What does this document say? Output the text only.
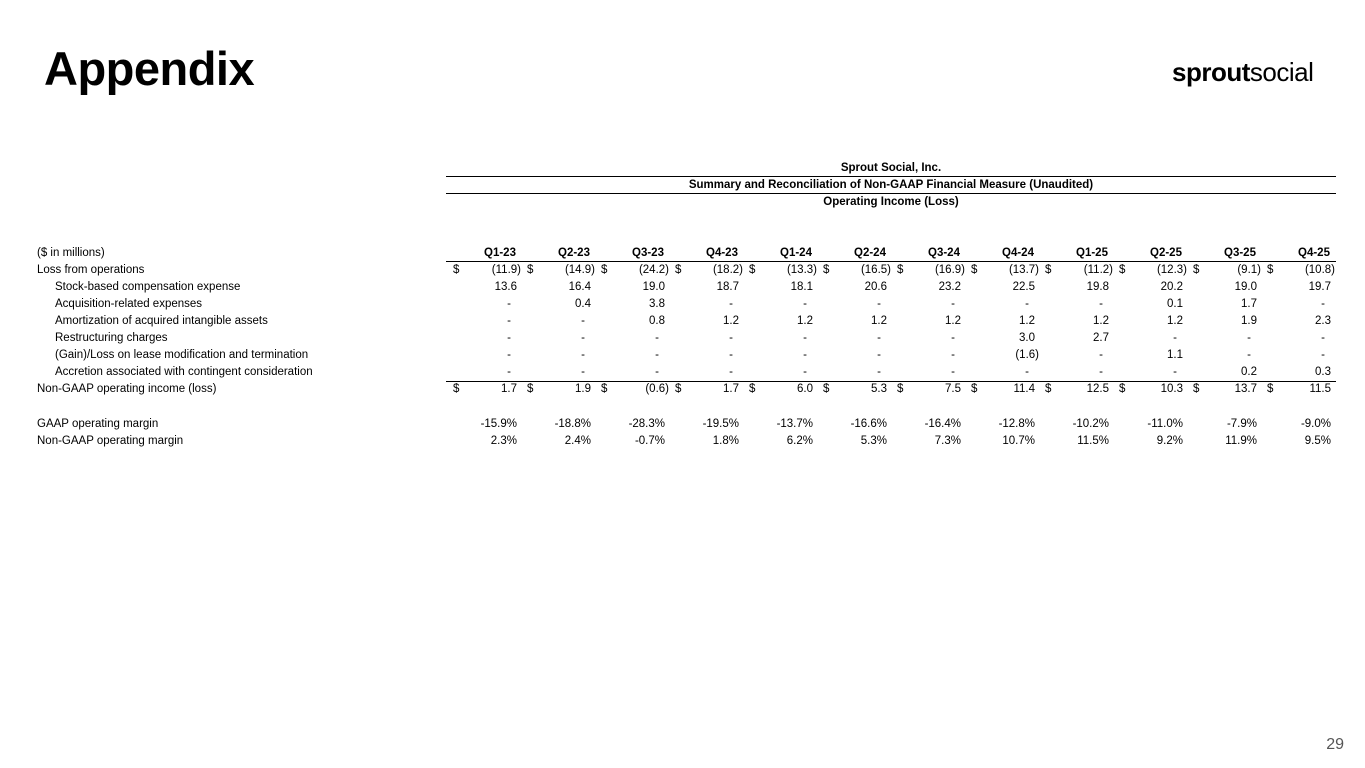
Appendix	sproutsocial
Sprout Social, Inc.
Summary and Reconciliation of Non-GAAP Financial Measure (Unaudited)
Operating Income (Loss)
($ in millions)	Q1-23	Q2-23	Q3-23	Q4-23	Q1-24	Q2-24	Q3-24	Q4-24	Q1-25	Q2-25	Q3-25	Q4-25
Loss from operations	$	(11.9) $	(14.9) $	(24.2) $	(18.2) $	(13.3) $	(16.5) $	(16.9) $	(13.7) $	(11.2) $	(12.3) $	(9.1) $	(10.8)
Stock-based compensation expense	13.6	16.4	19.0	18.7	18.1	20.6	23.2	22.5	19.8	20.2	19.0	19.7
Acquisition-related expenses	-	0.4	3.8	-	-	-	-	-	-	0.1	1.7	-
Amortization of acquired intangible assets	-	-	0.8	1.2	1.2	1.2	1.2	1.2	1.2	1.2	1.9	2.3
Restructuring charges	-	-	-	-	-	-	-	3.0	2.7	-	-	-
(Gain)/Loss on lease modification and termination	-	-	-	-	-	-	-	(1.6)	-	1.1	-	-
Accretion associated with contingent consideration	-	-	-	-	-	-	-	-	-	-	0.2	0.3
Non-GAAP operating income (loss)	$	1.7 $	1.9 $	(0.6) $	1.7 $	6.0 $	5.3 $	7.5 $	11.4 $	12.5 $	10.3 $	13.7 $	11.5
GAAP operating margin	-15.9%	-18.8%	-28.3%	-19.5%	-13.7%	-16.6%	-16.4%	-12.8%	-10.2%	-11.0%	-7.9%	-9.0%
Non-GAAP operating margin	2.3%	2.4%	-0.7%	1.8%	6.2%	5.3%	7.3%	10.7%	11.5%	9.2%	11.9%	9.5%
29
